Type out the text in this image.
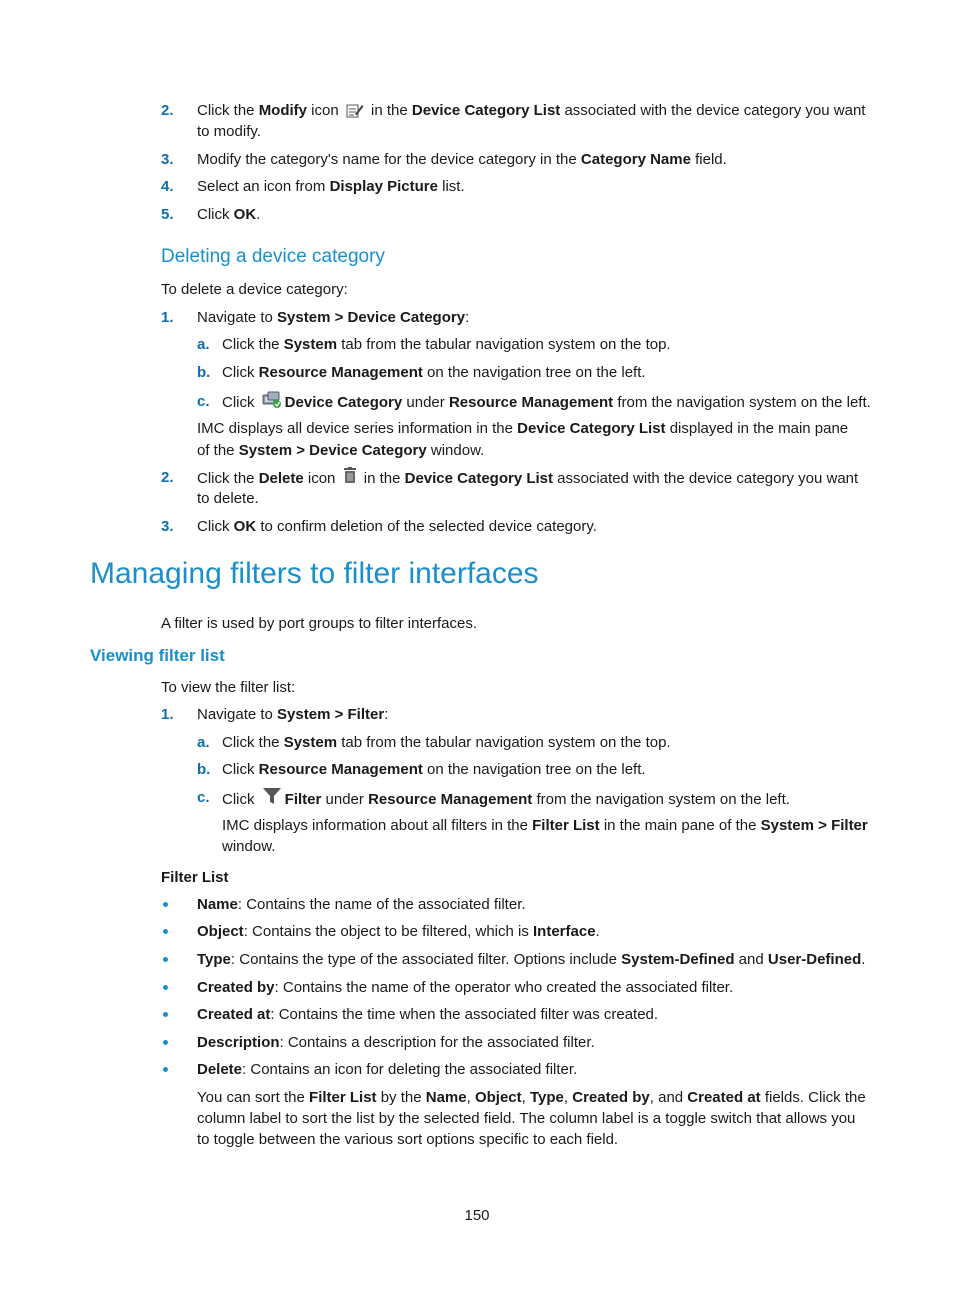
2. Click the Modify icon  in the Device Category List associated with the device category you want
to modify.
3. Modify the category's name for the device category in the Category Name field.
4. Select an icon from Display Picture list.
5. Click OK.
Deleting a device category
To delete a device category:
1. Navigate to System > Device Category:
a. Click the System tab from the tabular navigation system on the top.
b. Click Resource Management on the navigation tree on the left.
c. Click Device Category under Resource Management from the navigation system on the left.
IMC displays all device series information in the Device Category List displayed in the main pane
of the System > Device Category window.
2. Click the Delete icon  in the Device Category List associated with the device category you want
to delete.
3. Click OK to confirm deletion of the selected device category.
Managing filters to filter interfaces
A filter is used by port groups to filter interfaces.
Viewing filter list
To view the filter list:
1. Navigate to System > Filter:
a. Click the System tab from the tabular navigation system on the top.
b. Click Resource Management on the navigation tree on the left.
c. Click Filter under Resource Management from the navigation system on the left.
IMC displays information about all filters in the Filter List in the main pane of the System > Filter
window.
Filter List
Name: Contains the name of the associated filter.
Object: Contains the object to be filtered, which is Interface.
Type: Contains the type of the associated filter. Options include System-Defined and User-Defined.
Created by: Contains the name of the operator who created the associated filter.
Created at: Contains the time when the associated filter was created.
Description: Contains a description for the associated filter.
Delete: Contains an icon for deleting the associated filter.
You can sort the Filter List by the Name, Object, Type, Created by, and Created at fields. Click the
column label to sort the list by the selected field. The column label is a toggle switch that allows you
to toggle between the various sort options specific to each field.
150
